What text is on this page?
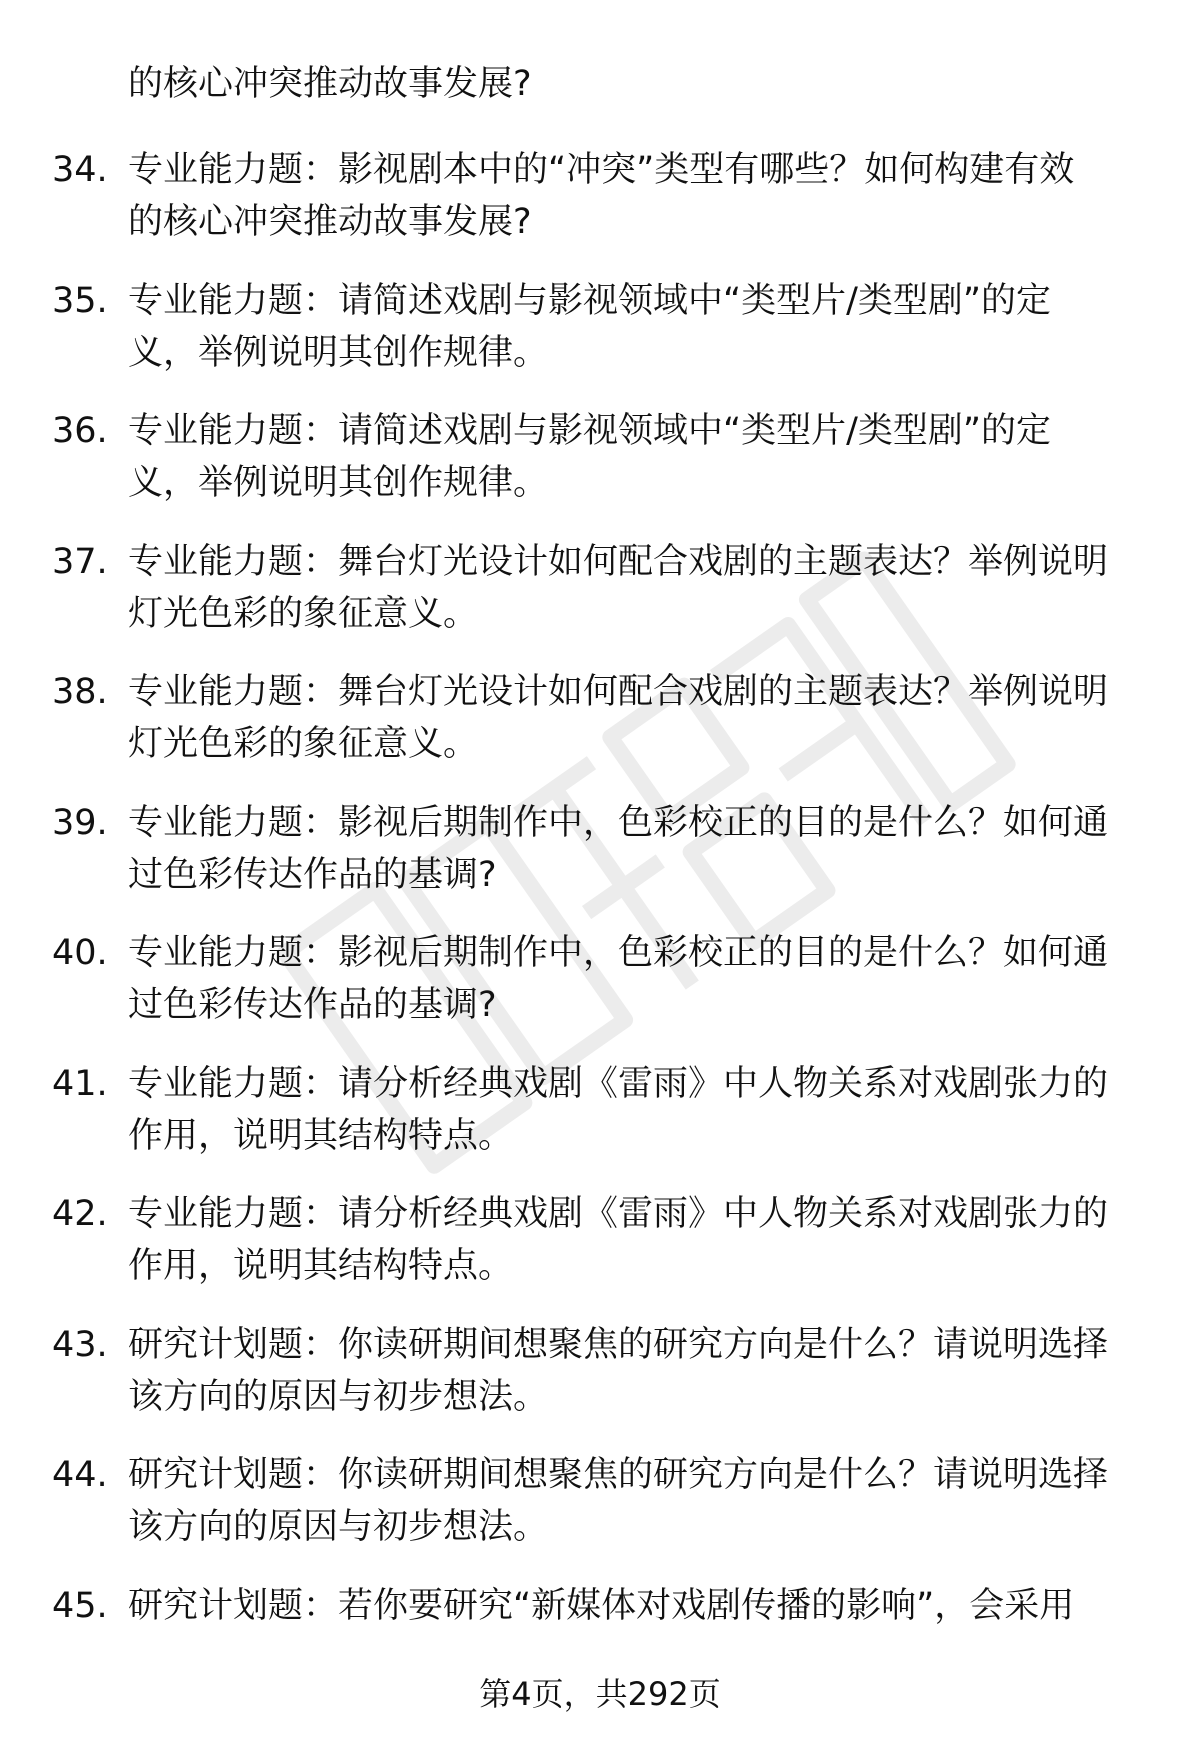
的核心冲突推动故事发展?
34. 专业能力题：影视剧本中的“冲突”类型有哪些？如何构建有效
的核心冲突推动故事发展?
35. 专业能力题：请简述戏剧与影视领域中“类型片/类型剧”的定
义，举例说明其创作规律。
36. 专业能力题：请简述戏剧与影视领域中“类型片/类型剧”的定
义，举例说明其创作规律。
37. 专业能力题：舞台灯光设计如何配合戏剧的主题表达？举例说明
灯光色彩的象征意义。
38. 专业能力题：舞台灯光设计如何配合戏剧的主题表达？举例说明
灯光色彩的象征意义。
39. 专业能力题：影视后期制作中，色彩校正的目的是什么？如何通
过色彩传达作品的基调?
40. 专业能力题：影视后期制作中，色彩校正的目的是什么？如何通
过色彩传达作品的基调?
41. 专业能力题：请分析经典戏剧《雷雨》中人物关系对戏剧张力的
作用，说明其结构特点。
42. 专业能力题：请分析经典戏剧《雷雨》中人物关系对戏剧张力的
作用，说明其结构特点。
43. 研究计划题：你读研期间想聚焦的研究方向是什么？请说明选择
该方向的原因与初步想法。
44. 研究计划题：你读研期间想聚焦的研究方向是什么？请说明选择
该方向的原因与初步想法。
45. 研究计划题：若你要研究“新媒体对戏剧传播的影响”，会采用
第4页，共292页
